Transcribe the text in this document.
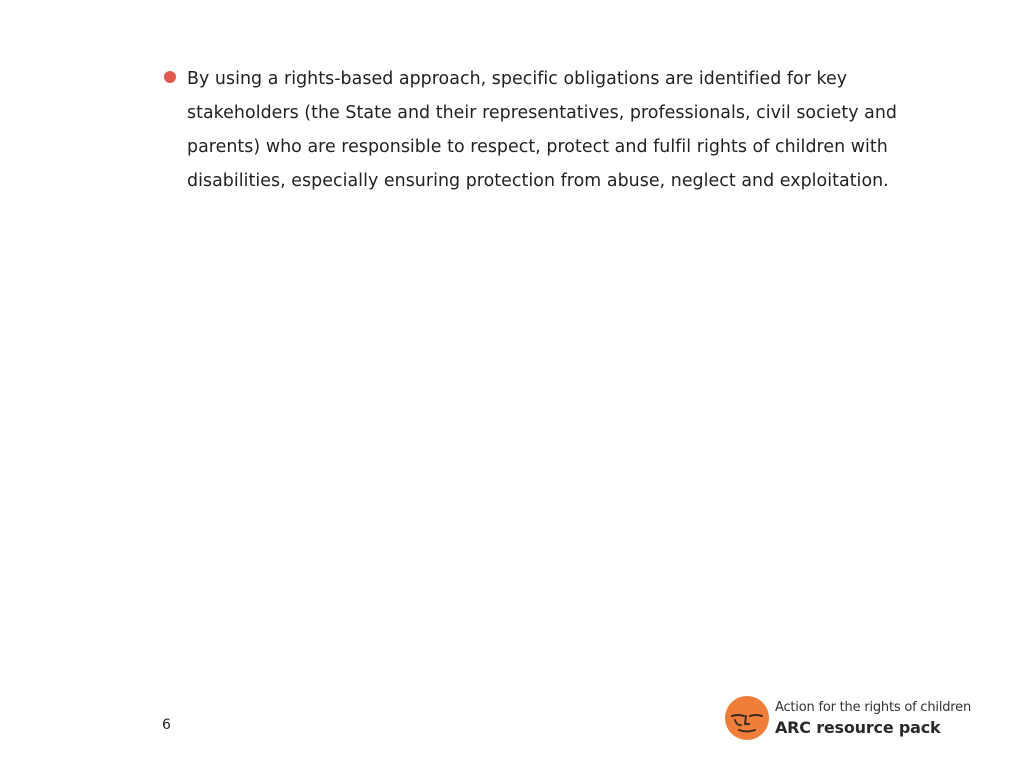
By using a rights-based approach, specific obligations are identified for key stakeholders (the State and their representatives, professionals, civil society and parents) who are responsible to respect, protect and fulfil rights of children with disabilities, especially ensuring protection from abuse, neglect and exploitation.
6
Action for the rights of children
ARC resource pack
